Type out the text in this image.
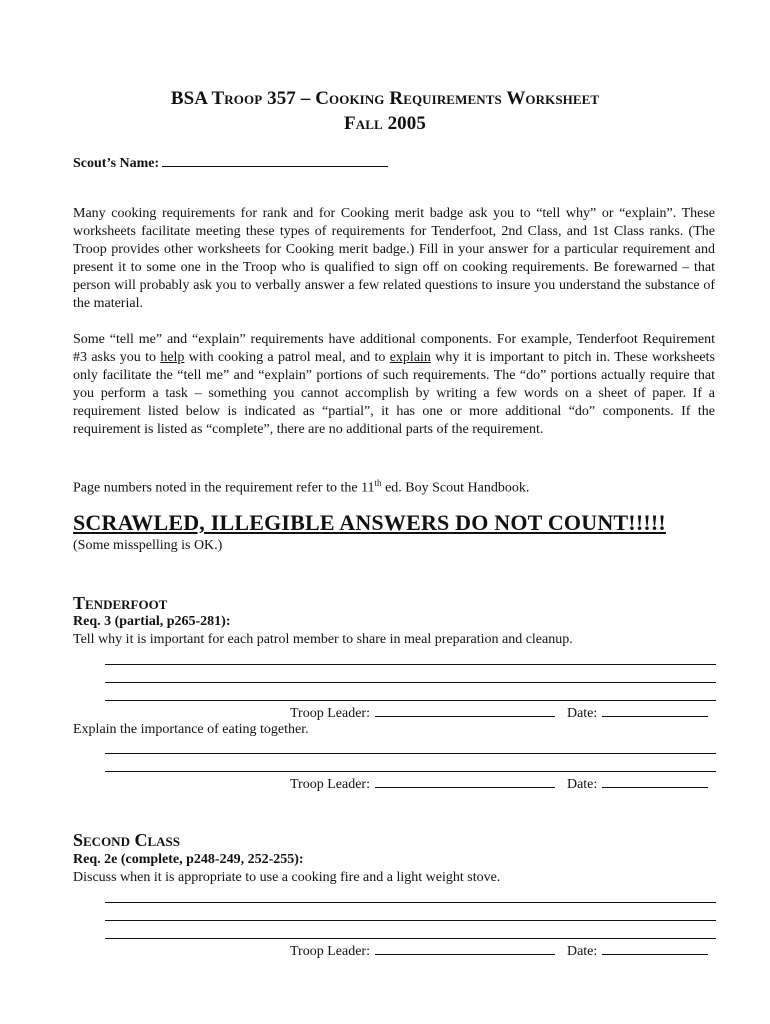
BSA Troop 357 – Cooking Requirements Worksheet
Fall 2005
Scout’s Name:

Many cooking requirements for rank and for Cooking merit badge ask you to “tell why” or “explain”. These worksheets facilitate meeting these types of requirements for Tenderfoot, 2nd Class, and 1st Class ranks. (The Troop provides other worksheets for Cooking merit badge.) Fill in your answer for a particular requirement and present it to some one in the Troop who is qualified to sign off on cooking requirements. Be forewarned – that person will probably ask you to verbally answer a few related questions to insure you understand the substance of the material.

Some “tell me” and “explain” requirements have additional components. For example, Tenderfoot Requirement #3 asks you to help with cooking a patrol meal, and to explain why it is important to pitch in. These worksheets only facilitate the “tell me” and “explain” portions of such requirements. The “do” portions actually require that you perform a task – something you cannot accomplish by writing a few words on a sheet of paper. If a requirement listed below is indicated as “partial”, it has one or more additional “do” components. If the requirement is listed as “complete”, there are no additional parts of the requirement.

Page numbers noted in the requirement refer to the 11th ed. Boy Scout Handbook.

SCRAWLED, ILLEGIBLE ANSWERS DO NOT COUNT!!!!!
(Some misspelling is OK.)
Tenderfoot
Req. 3 (partial, p265-281):
Tell why it is important for each patrol member to share in meal preparation and cleanup.
Troop Leader:	Date:
Explain the importance of eating together.
Troop Leader:	Date:
Second Class
Req. 2e (complete, p248-249, 252-255):
Discuss when it is appropriate to use a cooking fire and a light weight stove.
Troop Leader:	Date:
